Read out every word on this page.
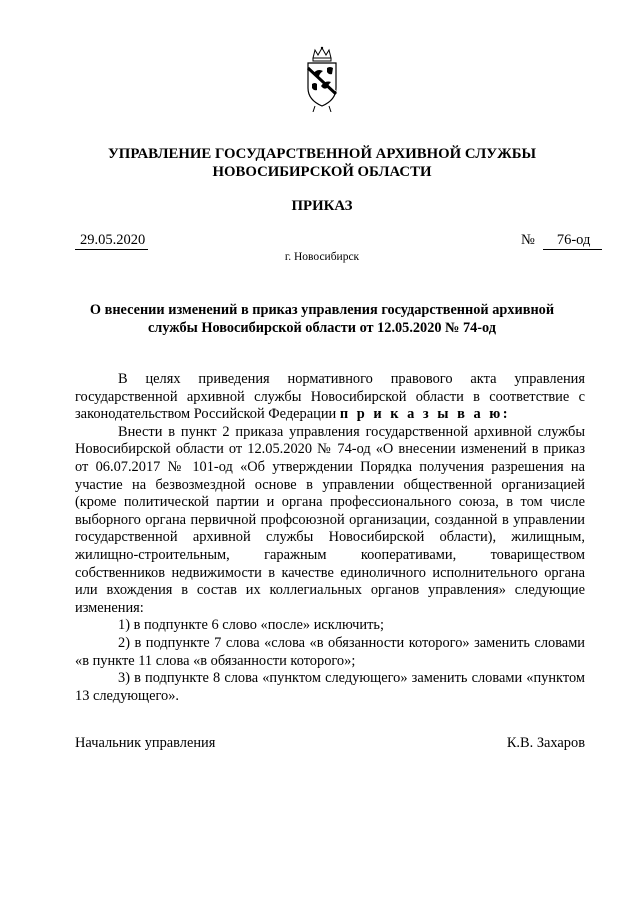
УПРАВЛЕНИЕ ГОСУДАРСТВЕННОЙ АРХИВНОЙ СЛУЖБЫ
НОВОСИБИРСКОЙ ОБЛАСТИ
ПРИКАЗ
29.05.2020	№ 76-од
г. Новосибирск
О внесении изменений в приказ управления государственной архивной
службы Новосибирской области от 12.05.2020 № 74-од

В целях приведения нормативного правового акта управления государственной архивной службы Новосибирской области в соответствие с законодательством Российской Федерации п р и к а з ы в а ю:

Внести в пункт 2 приказа управления государственной архивной службы Новосибирской области от 12.05.2020 № 74-од «О внесении изменений в приказ от 06.07.2017 № 101-од «Об утверждении Порядка получения разрешения на участие на безвозмездной основе в управлении общественной организацией (кроме политической партии и органа профессионального союза, в том числе выборного органа первичной профсоюзной организации, созданной в управлении государственной архивной службы Новосибирской области), жилищным, жилищно-строительным, гаражным кооперативами, товариществом собственников недвижимости в качестве единоличного исполнительного органа или вхождения в состав их коллегиальных органов управления» следующие изменения:

1) в подпункте 6 слово «после» исключить;

2) в подпункте 7 слова «слова «в обязанности которого» заменить словами «в пункте 11 слова «в обязанности которого»;

3) в подпункте 8 слова «пунктом следующего» заменить словами «пунктом 13 следующего».

Начальник управления	К.В. Захаров
